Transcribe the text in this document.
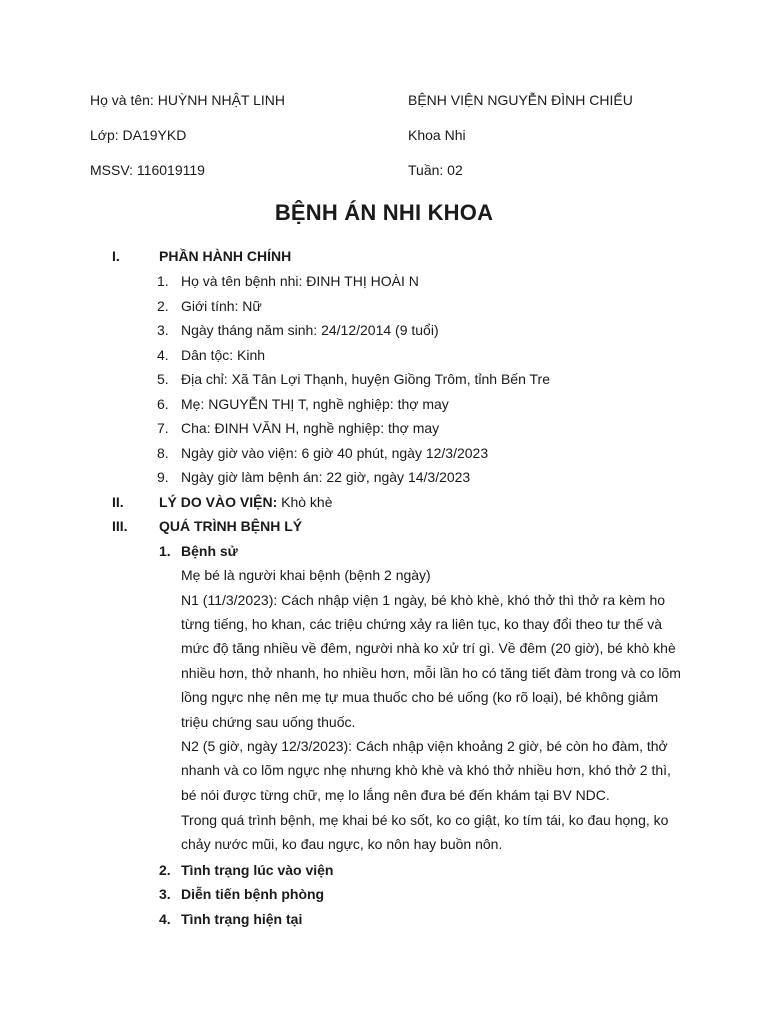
Họ và tên: HUỲNH NHẬT LINH	BỆNH VIỆN NGUYỄN ĐÌNH CHIỂU
Lớp: DA19YKD	Khoa Nhi
MSSV: 116019119	Tuần: 02
BỆNH ÁN NHI KHOA
I.	PHẦN HÀNH CHÍNH
1. Họ và tên bệnh nhi: ĐINH THỊ HOÀI N
2. Giới tính: Nữ
3. Ngày tháng năm sinh: 24/12/2014 (9 tuổi)
4. Dân tộc: Kinh
5. Địa chỉ: Xã Tân Lợi Thạnh, huyện Giồng Trôm, tỉnh Bến Tre
6. Mẹ: NGUYỄN THỊ T, nghề nghiệp: thợ may
7. Cha: ĐINH VĂN H, nghề nghiệp: thợ may
8. Ngày giờ vào viện: 6 giờ 40 phút, ngày 12/3/2023
9. Ngày giờ làm bệnh án: 22 giờ, ngày 14/3/2023
II.	LÝ DO VÀO VIỆN: Khò khè
III.	QUÁ TRÌNH BỆNH LÝ
1. Bệnh sử
Mẹ bé là người khai bệnh (bệnh 2 ngày)
N1 (11/3/2023): Cách nhập viện 1 ngày, bé khò khè, khó thở thì thở ra kèm ho từng tiếng, ho khan, các triệu chứng xảy ra liên tục, ko thay đổi theo tư thế và mức độ tăng nhiều về đêm, người nhà ko xử trí gì. Về đêm (20 giờ), bé khò khè nhiều hơn, thở nhanh, ho nhiều hơn, mỗi lần ho có tăng tiết đàm trong và co lõm lồng ngực nhẹ nên mẹ tự mua thuốc cho bé uống (ko rõ loại), bé không giảm triệu chứng sau uống thuốc.
N2 (5 giờ, ngày 12/3/2023): Cách nhập viện khoảng 2 giờ, bé còn ho đàm, thở nhanh và co lõm ngực nhẹ nhưng khò khè và khó thở nhiều hơn, khó thở 2 thì, bé nói được từng chữ, mẹ lo lắng nên đưa bé đến khám tại BV NDC.
Trong quá trình bệnh, mẹ khai bé ko sốt, ko co giật, ko tím tái, ko đau họng, ko chảy nước mũi, ko đau ngực, ko nôn hay buồn nôn.
2. Tình trạng lúc vào viện
3. Diễn tiến bệnh phòng
4. Tình trạng hiện tại
